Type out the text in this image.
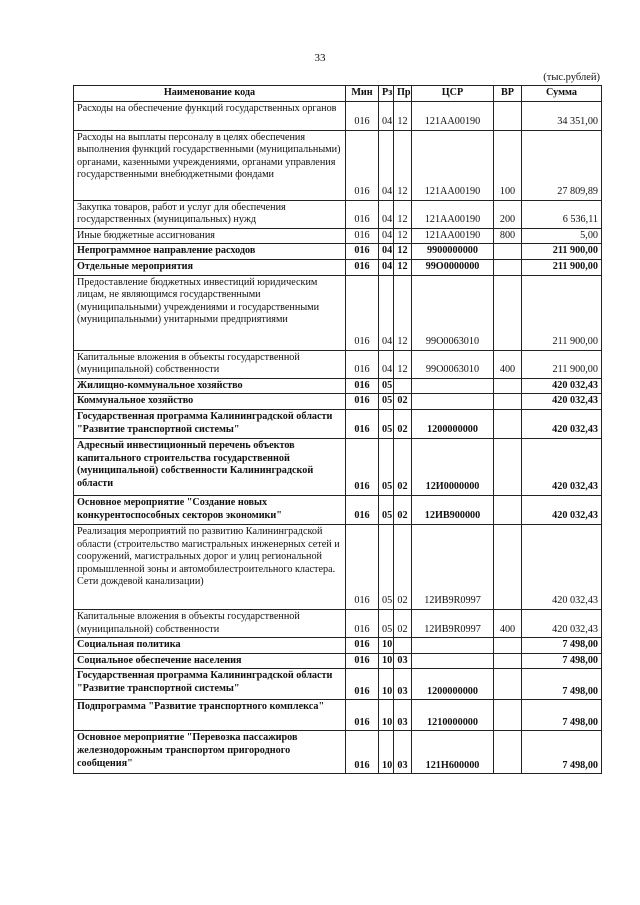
33
(тыс.рублей)
Наименование кода	Мин	Рз	Пр	ЦСР	ВР	Сумма
Расходы на обеспечение функций государственных органов	016	04	12	121АА00190		34 351,00
Расходы на выплаты персоналу в целях обеспечения выполнения функций государственными (муниципальными) органами, казенными учреждениями, органами управления государственными внебюджетными фондами	016	04	12	121АА00190	100	27 809,89
Закупка товаров, работ и услуг для обеспечения государственных (муниципальных) нужд	016	04	12	121АА00190	200	6 536,11
Иные бюджетные ассигнования	016	04	12	121АА00190	800	5,00
Непрограммное направление расходов	016	04	12	9900000000		211 900,00
Отдельные мероприятия	016	04	12	99О0000000		211 900,00
Предоставление бюджетных инвестиций юридическим лицам, не являющимся государственными (муниципальными) учреждениями и государственными (муниципальными) унитарными предприятиями	016	04	12	99О0063010		211 900,00
Капитальные вложения в объекты государственной (муниципальной) собственности	016	04	12	99О0063010	400	211 900,00
Жилищно-коммунальное хозяйство	016	05				420 032,43
Коммунальное хозяйство	016	05	02			420 032,43
Государственная программа Калининградской области "Развитие транспортной системы"	016	05	02	1200000000		420 032,43
Адресный инвестиционный перечень объектов капитального строительства государственной (муниципальной) собственности Калининградской области	016	05	02	12И0000000		420 032,43
Основное мероприятие "Создание новых конкурентоспособных секторов экономики"	016	05	02	12ИВ900000		420 032,43
Реализация мероприятий по развитию Калининградской области (строительство магистральных инженерных сетей и сооружений, магистральных дорог и улиц региональной промышленной зоны и автомобилестроительного кластера. Сети дождевой канализации)	016	05	02	12ИВ9R0997		420 032,43
Капитальные вложения в объекты государственной (муниципальной) собственности	016	05	02	12ИВ9R0997	400	420 032,43
Социальная политика	016	10				7 498,00
Социальное обеспечение населения	016	10	03			7 498,00
Государственная программа Калининградской области "Развитие транспортной системы"	016	10	03	1200000000		7 498,00
Подпрограмма "Развитие транспортного комплекса"	016	10	03	1210000000		7 498,00
Основное мероприятие "Перевозка пассажиров железнодорожным транспортом пригородного сообщения"	016	10	03	121Н600000		7 498,00
